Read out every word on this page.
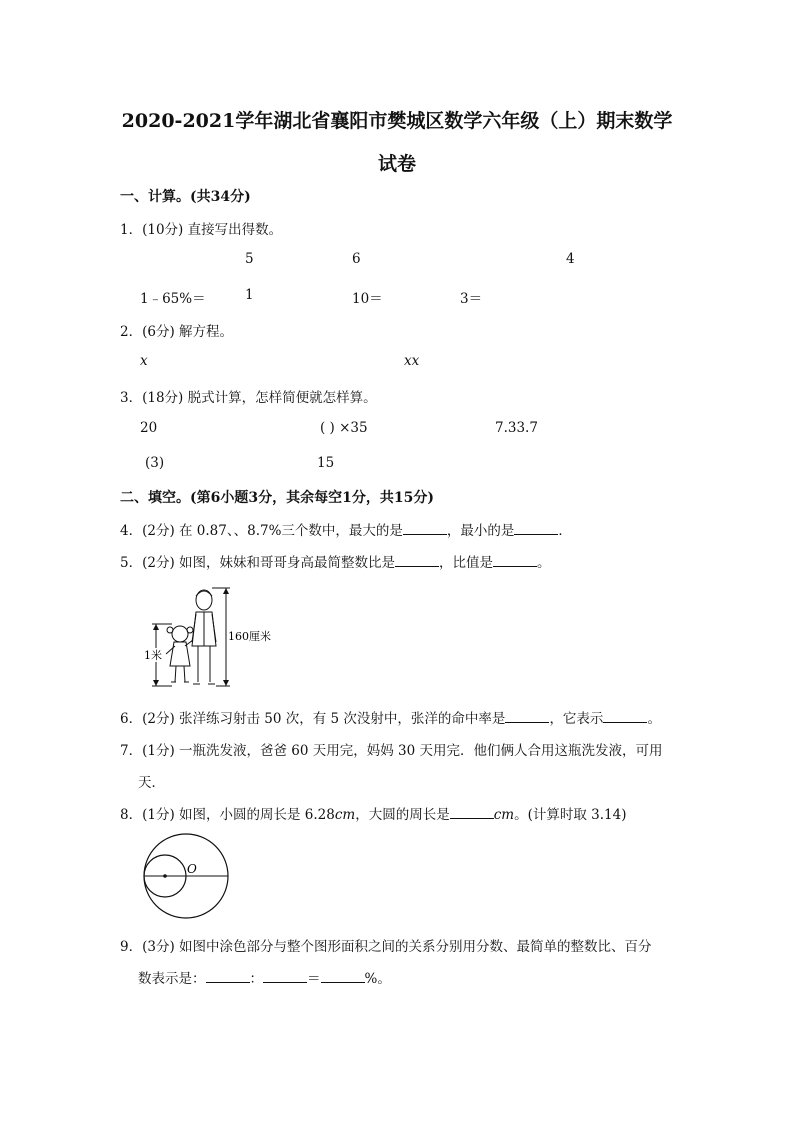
2020-2021学年湖北省襄阳市樊城区数学六年级（上）期末数学
试卷
一、计算。(共34分)
1．(10分) 直接写出得数。
5	6	4
1﹣65%＝	1	10＝	3＝
2．(6分) 解方程。
x	xx
3．(18分) 脱式计算，怎样简便就怎样算。
20	( ) ×35	7.33.7
(3)	15
二、填空。(第6小题3分，其余每空1分，共15分)
4．(2分) 在 0.87、、8.7%三个数中，最大的是	，最小的是	．
5．(2分) 如图，妹妹和哥哥身高最简整数比是	，比值是	。
1米
160厘米
6．(2分) 张洋练习射击 50 次，有 5 次没射中，张洋的命中率是	，它表示	。
7．(1分) 一瓶洗发液，爸爸 60 天用完，妈妈 30 天用完．他们俩人合用这瓶洗发液，可用
天．
8．(1分) 如图，小圆的周长是 6.28cm，大圆的周长是	cm。(计算时取 3.14)
O
9．(3分) 如图中涂色部分与整个图形面积之间的关系分别用分数、最简单的整数比、百分
数表示是：	：	＝	%。
